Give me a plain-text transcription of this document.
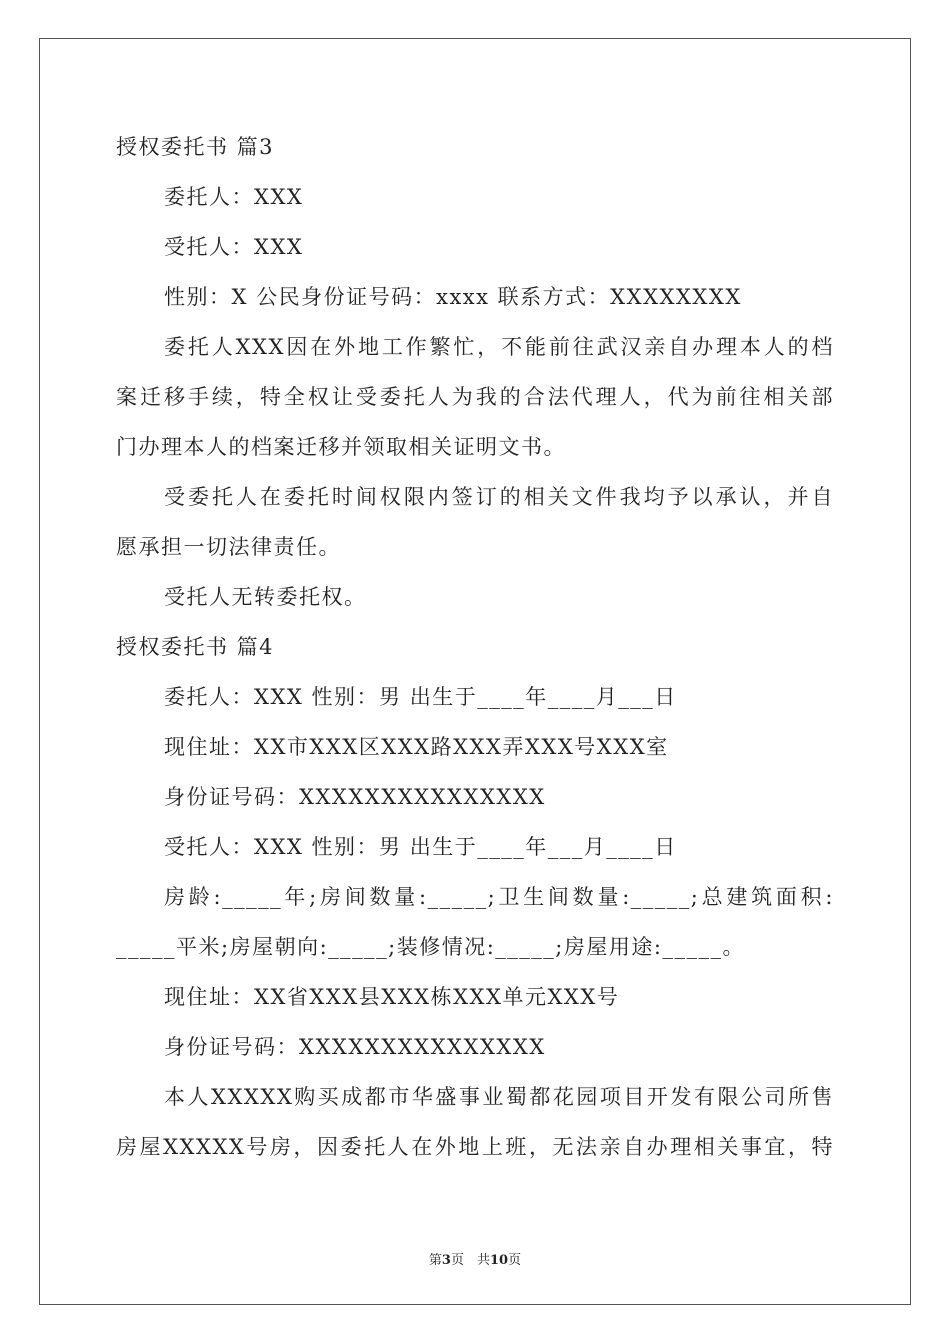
授权委托书 篇3
委托人：XXX
受托人：XXX
性别：X 公民身份证号码：xxxx 联系方式：XXXXXXXX
委托人XXX因在外地工作繁忙，不能前往武汉亲自办理本人的档
案迁移手续，特全权让受委托人为我的合法代理人，代为前往相关部
门办理本人的档案迁移并领取相关证明文书。
受委托人在委托时间权限内签订的相关文件我均予以承认，并自
愿承担一切法律责任。
受托人无转委托权。
授权委托书 篇4
委托人：XXX 性别：男 出生于____年____月___日
现住址：XX市XXX区XXX路XXX弄XXX号XXX室
身份证号码：XXXXXXXXXXXXXXX
受托人：XXX 性别：男 出生于____年___月____日
房龄:_____年;房间数量:_____;卫生间数量:_____;总建筑面积:
_____平米;房屋朝向:_____;装修情况:_____;房屋用途:_____。
现住址：XX省XXX县XXX栋XXX单元XXX号
身份证号码：XXXXXXXXXXXXXXX
本人XXXXX购买成都市华盛事业蜀都花园项目开发有限公司所售
房屋XXXXX号房，因委托人在外地上班，无法亲自办理相关事宜，特
第3页　共10页
